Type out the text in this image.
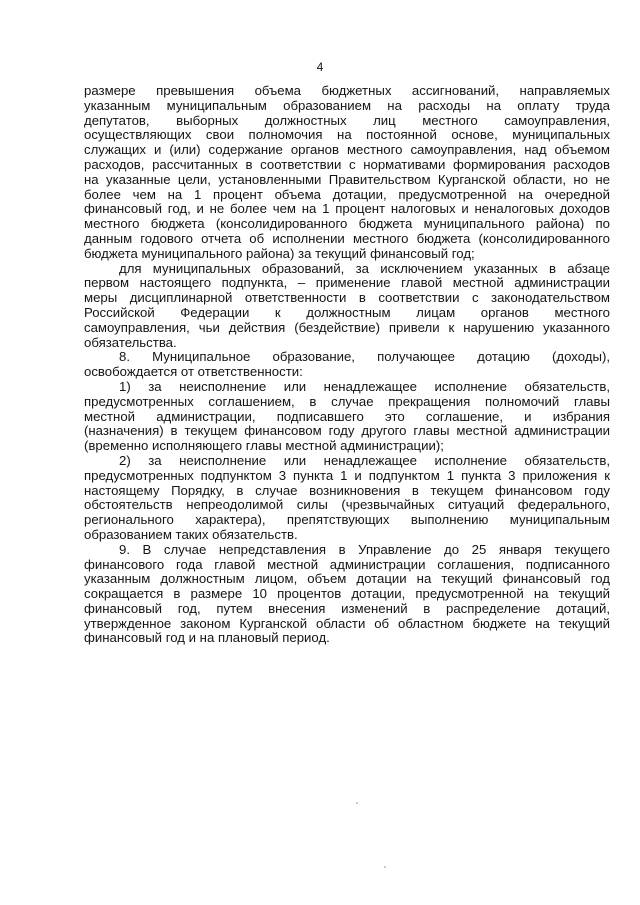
4
размере превышения объема бюджетных ассигнований, направляемых
указанным муниципальным образованием на расходы на оплату труда
депутатов, выборных должностных лиц местного самоуправления,
осуществляющих свои полномочия на постоянной основе, муниципальных
служащих и (или) содержание органов местного самоуправления, над объемом
расходов, рассчитанных в соответствии с нормативами формирования расходов
на указанные цели, установленными Правительством Курганской области, но не
более чем на 1 процент объема дотации, предусмотренной на очередной
финансовый год, и не более чем на 1 процент налоговых и неналоговых доходов
местного бюджета (консолидированного бюджета муниципального района) по
данным годового отчета об исполнении местного бюджета (консолидированного
бюджета муниципального района) за текущий финансовый год;
для муниципальных образований, за исключением указанных в абзаце
первом настоящего подпункта, – применение главой местной администрации
меры дисциплинарной ответственности в соответствии с законодательством
Российской Федерации к должностным лицам органов местного
самоуправления, чьи действия (бездействие) привели к нарушению указанного
обязательства.
8. Муниципальное образование, получающее дотацию (доходы),
освобождается от ответственности:
1) за неисполнение или ненадлежащее исполнение обязательств,
предусмотренных соглашением, в случае прекращения полномочий главы
местной администрации, подписавшего это соглашение, и избрания
(назначения) в текущем финансовом году другого главы местной администрации
(временно исполняющего главы местной администрации);
2) за неисполнение или ненадлежащее исполнение обязательств,
предусмотренных подпунктом 3 пункта 1 и подпунктом 1 пункта 3 приложения к
настоящему Порядку, в случае возникновения в текущем финансовом году
обстоятельств непреодолимой силы (чрезвычайных ситуаций федерального,
регионального характера), препятствующих выполнению муниципальным
образованием таких обязательств.
9. В случае непредставления в Управление до 25 января текущего
финансового года главой местной администрации соглашения, подписанного
указанным должностным лицом, объем дотации на текущий финансовый год
сокращается в размере 10 процентов дотации, предусмотренной на текущий
финансовый год, путем внесения изменений в распределение дотаций,
утвержденное законом Курганской области об областном бюджете на текущий
финансовый год и на плановый период.
